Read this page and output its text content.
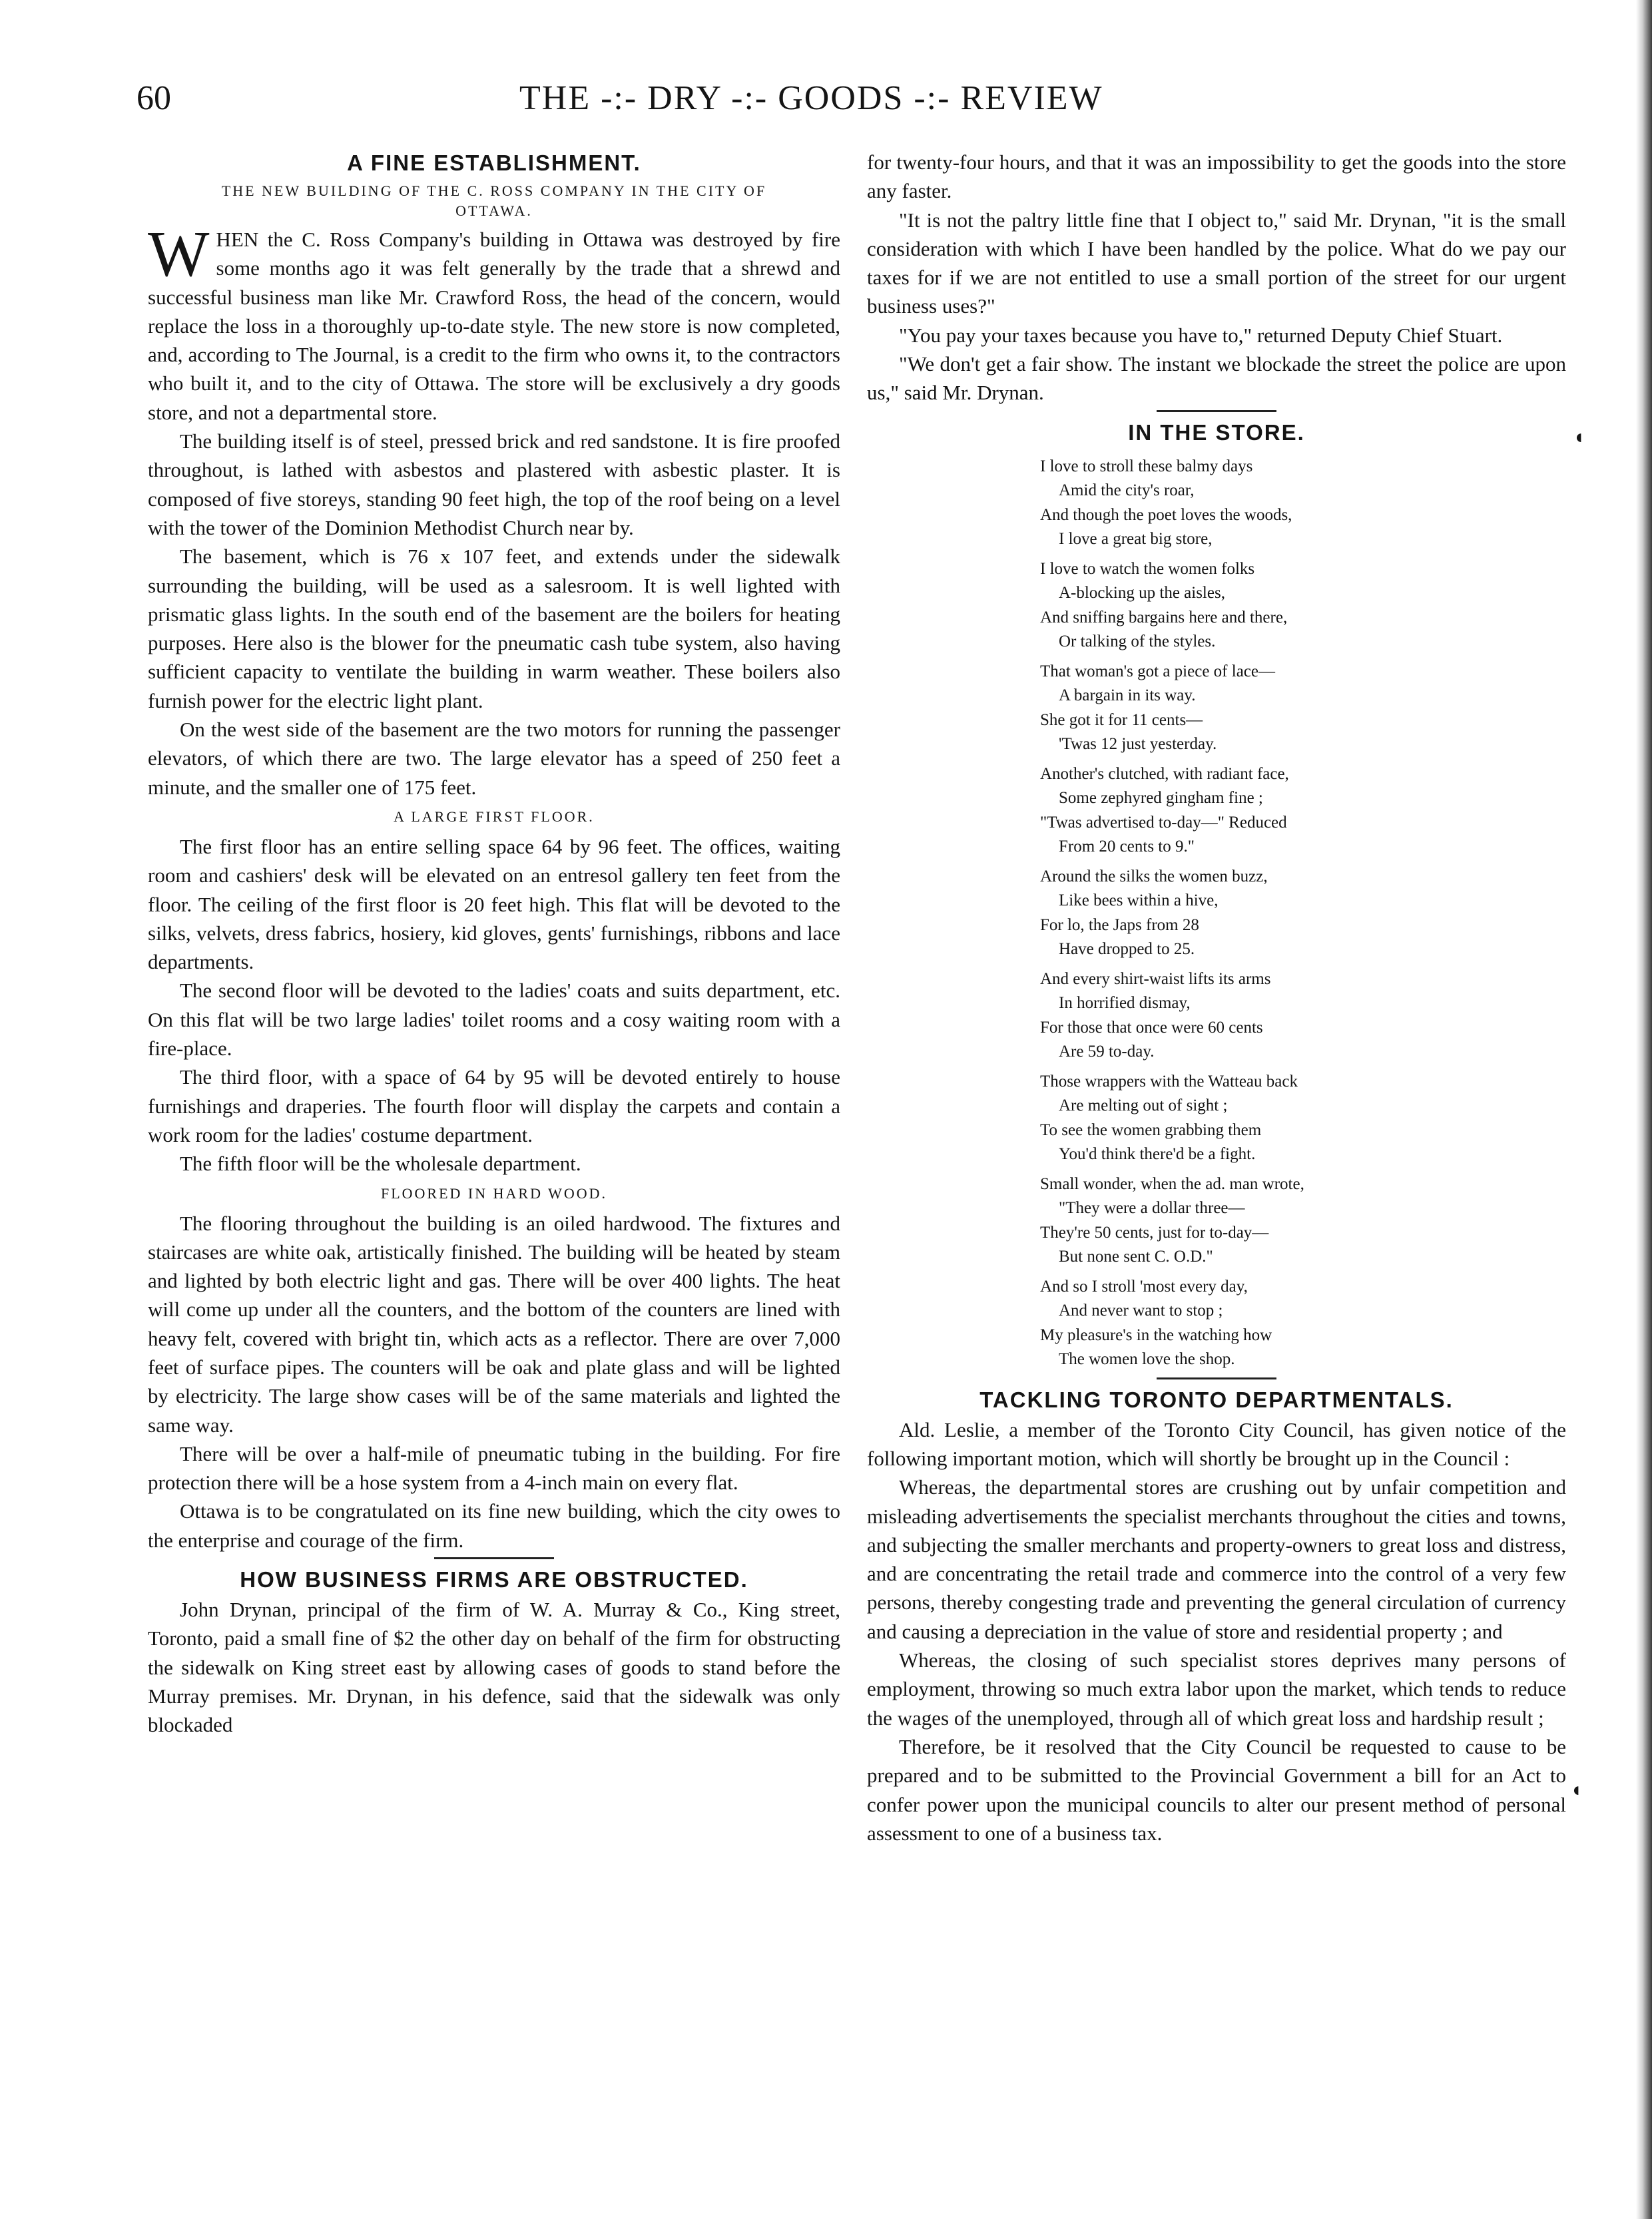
60	THE -:- DRY -:- GOODS -:- REVIEW
A FINE ESTABLISHMENT.
THE NEW BUILDING OF THE C. ROSS COMPANY IN THE CITY OF OTTAWA.

WHEN the C. Ross Company's building in Ottawa was destroyed by fire some months ago it was felt generally by the trade that a shrewd and successful business man like Mr. Crawford Ross, the head of the concern, would replace the loss in a thoroughly up-to-date style. The new store is now completed, and, according to The Journal, is a credit to the firm who owns it, to the contractors who built it, and to the city of Ottawa. The store will be exclusively a dry goods store, and not a departmental store.

The building itself is of steel, pressed brick and red sandstone. It is fire proofed throughout, is lathed with asbestos and plastered with asbestic plaster. It is composed of five storeys, standing 90 feet high, the top of the roof being on a level with the tower of the Dominion Methodist Church near by.

The basement, which is 76 x 107 feet, and extends under the sidewalk surrounding the building, will be used as a salesroom. It is well lighted with prismatic glass lights. In the south end of the basement are the boilers for heating purposes. Here also is the blower for the pneumatic cash tube system, also having sufficient capacity to ventilate the building in warm weather. These boilers also furnish power for the electric light plant.

On the west side of the basement are the two motors for running the passenger elevators, of which there are two. The large elevator has a speed of 250 feet a minute, and the smaller one of 175 feet.

A LARGE FIRST FLOOR.

The first floor has an entire selling space 64 by 96 feet. The offices, waiting room and cashiers' desk will be elevated on an entresol gallery ten feet from the floor. The ceiling of the first floor is 20 feet high. This flat will be devoted to the silks, velvets, dress fabrics, hosiery, kid gloves, gents' furnishings, ribbons and lace departments.

The second floor will be devoted to the ladies' coats and suits department, etc. On this flat will be two large ladies' toilet rooms and a cosy waiting room with a fire-place.

The third floor, with a space of 64 by 95 will be devoted entirely to house furnishings and draperies. The fourth floor will display the carpets and contain a work room for the ladies' costume department.

The fifth floor will be the wholesale department.

FLOORED IN HARD WOOD.

The flooring throughout the building is an oiled hardwood. The fixtures and staircases are white oak, artistically finished. The building will be heated by steam and lighted by both electric light and gas. There will be over 400 lights. The heat will come up under all the counters, and the bottom of the counters are lined with heavy felt, covered with bright tin, which acts as a reflector. There are over 7,000 feet of surface pipes. The counters will be oak and plate glass and will be lighted by electricity. The large show cases will be of the same materials and lighted the same way.

There will be over a half-mile of pneumatic tubing in the building. For fire protection there will be a hose system from a 4-inch main on every flat.

Ottawa is to be congratulated on its fine new building, which the city owes to the enterprise and courage of the firm.

HOW BUSINESS FIRMS ARE OBSTRUCTED.

John Drynan, principal of the firm of W. A. Murray & Co., King street, Toronto, paid a small fine of $2 the other day on behalf of the firm for obstructing the sidewalk on King street east by allowing cases of goods to stand before the Murray premises. Mr. Drynan, in his defence, said that the sidewalk was only blockaded

for twenty-four hours, and that it was an impossibility to get the goods into the store any faster.

"It is not the paltry little fine that I object to," said Mr. Drynan, "it is the small consideration with which I have been handled by the police. What do we pay our taxes for if we are not entitled to use a small portion of the street for our urgent business uses?"

"You pay your taxes because you have to," returned Deputy Chief Stuart.

"We don't get a fair show. The instant we blockade the street the police are upon us," said Mr. Drynan.

IN THE STORE.
I love to stroll these balmy days
Amid the city's roar,
And though the poet loves the woods,
I love a great big store,
I love to watch the women folks
A-blocking up the aisles,
And sniffing bargains here and there,
Or talking of the styles.
That woman's got a piece of lace—
A bargain in its way.
She got it for 11 cents—
'Twas 12 just yesterday.
Another's clutched, with radiant face,
Some zephyred gingham fine ;
"Twas advertised to-day—" Reduced
From 20 cents to 9."
Around the silks the women buzz,
Like bees within a hive,
For lo, the Japs from 28
Have dropped to 25.
And every shirt-waist lifts its arms
In horrified dismay,
For those that once were 60 cents
Are 59 to-day.
Those wrappers with the Watteau back
Are melting out of sight ;
To see the women grabbing them
You'd think there'd be a fight.
Small wonder, when the ad. man wrote,
"They were a dollar three—
They're 50 cents, just for to-day—
But none sent C. O.D."
And so I stroll 'most every day,
And never want to stop ;
My pleasure's in the watching how
The women love the shop.
TACKLING TORONTO DEPARTMENTALS.

Ald. Leslie, a member of the Toronto City Council, has given notice of the following important motion, which will shortly be brought up in the Council :

Whereas, the departmental stores are crushing out by unfair competition and misleading advertisements the specialist merchants throughout the cities and towns, and subjecting the smaller merchants and property-owners to great loss and distress, and are concentrating the retail trade and commerce into the control of a very few persons, thereby congesting trade and preventing the general circulation of currency and causing a depreciation in the value of store and residential property ; and

Whereas, the closing of such specialist stores deprives many persons of employment, throwing so much extra labor upon the market, which tends to reduce the wages of the unemployed, through all of which great loss and hardship result ;

Therefore, be it resolved that the City Council be requested to cause to be prepared and to be submitted to the Provincial Government a bill for an Act to confer power upon the municipal councils to alter our present method of personal assessment to one of a business tax.

◖
◖
